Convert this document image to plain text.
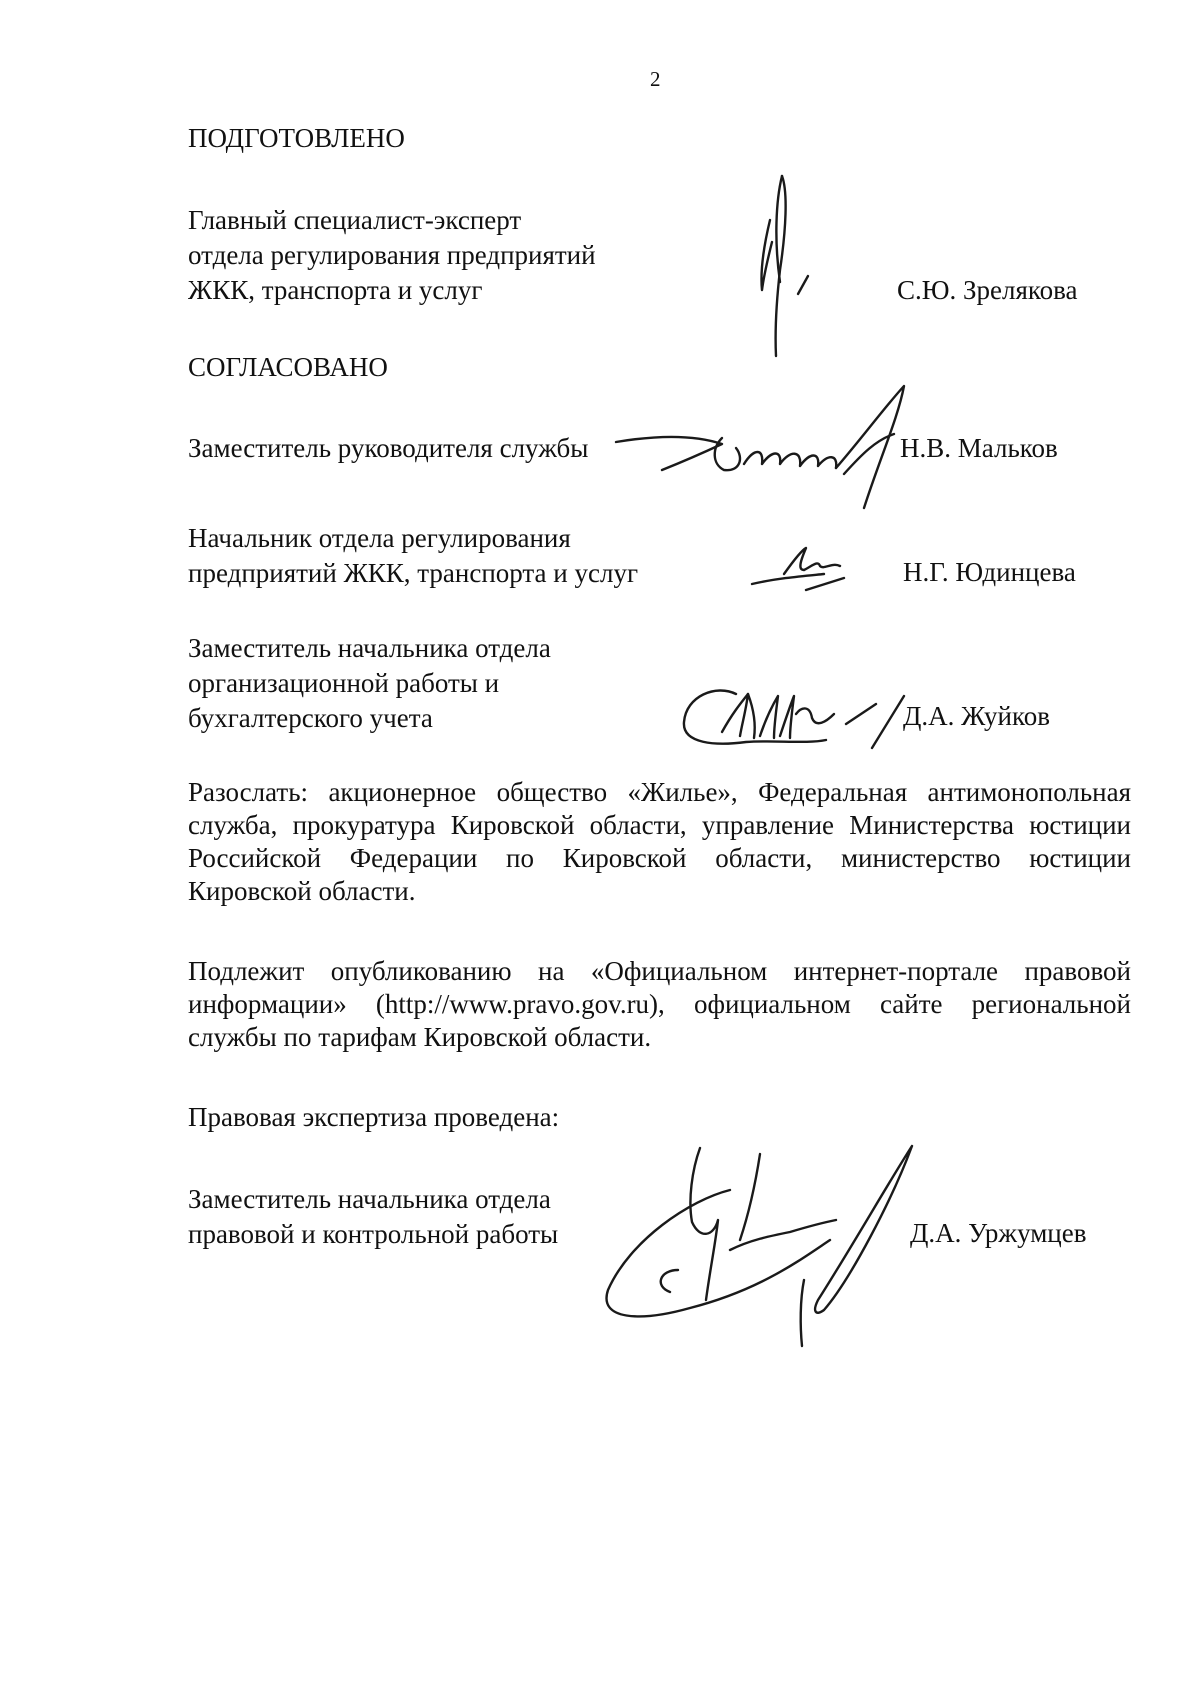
2
ПОДГОТОВЛЕНО
Главный специалист-эксперт
отдела регулирования предприятий
ЖКК, транспорта и услуг	С.Ю. Зрелякова
СОГЛАСОВАНО
Заместитель руководителя службы	Н.В. Мальков
Начальник отдела регулирования
предприятий ЖКК, транспорта и услуг	Н.Г. Юдинцева
Заместитель начальника отдела
организационной работы и
бухгалтерского учета	Д.А. Жуйков
Разослать: акционерное общество «Жилье», Федеральная антимонопольная
служба, прокуратура Кировской области, управление Министерства юстиции
Российской Федерации по Кировской области, министерство юстиции
Кировской области.
Подлежит опубликованию на «Официальном интернет-портале правовой
информации» (http://www.pravo.gov.ru), официальном сайте региональной
службы по тарифам Кировской области.
Правовая экспертиза проведена:
Заместитель начальника отдела
правовой и контрольной работы	Д.А. Уржумцев
